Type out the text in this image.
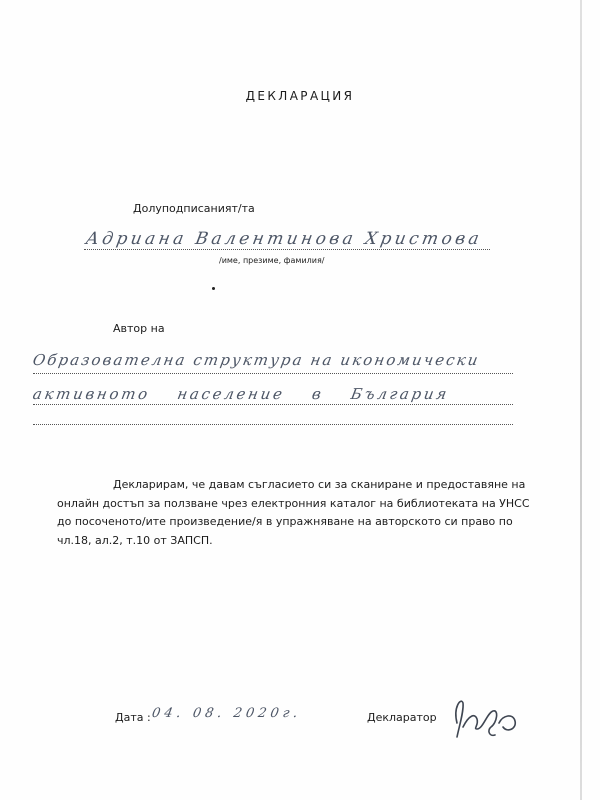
ДЕКЛАРАЦИЯ
Долуподписаният/та
Адриана Валентинова Христова
/име, презиме, фамилия/
Автор на
Образователна структура на икономически
активното население в България
Декларирам, че давам съгласието си за сканиране и предоставяне на онлайн достъп за ползване чрез електронния каталог на библиотеката на УНСС до посоченото/ите произведение/я в упражняване на авторското си право по чл.18, ал.2, т.10 от ЗАПСП.
Дата : 04. 08. 2020г.	Декларатор
